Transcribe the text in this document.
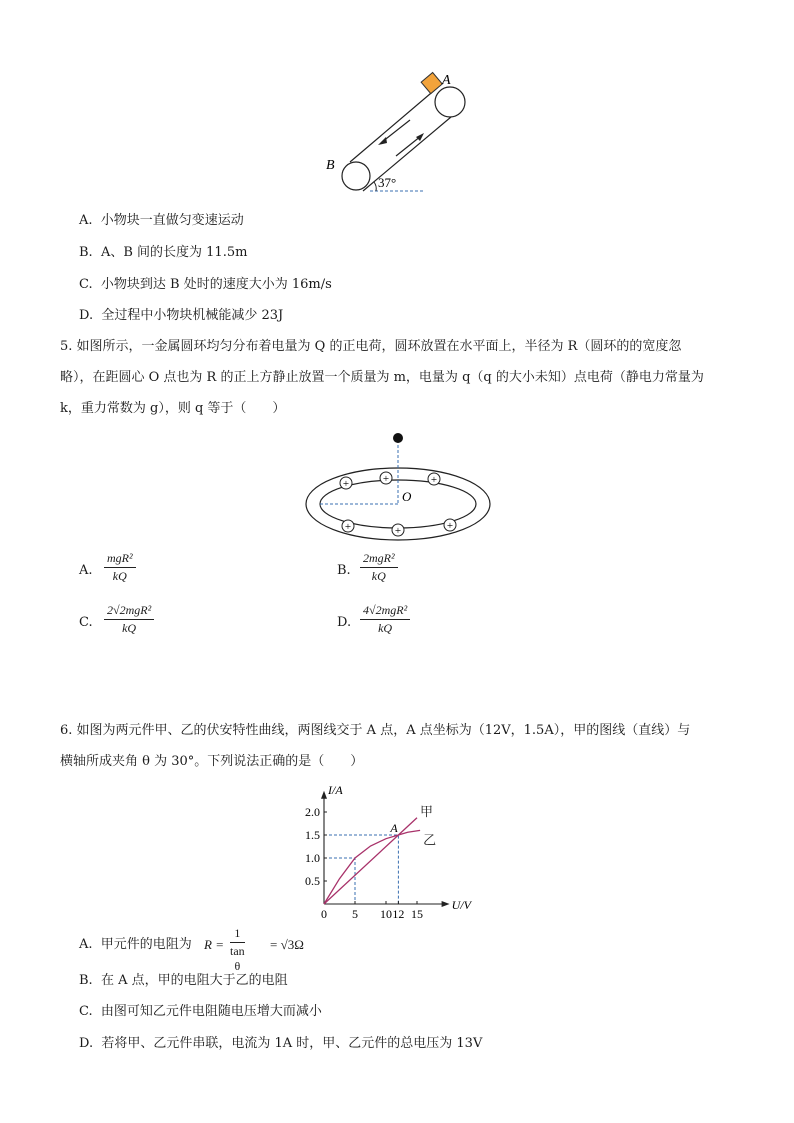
A
B
37°
A. 小物块一直做匀变速运动
B. A、B 间的长度为 11.5m
C. 小物块到达 B 处时的速度大小为 16m/s
D. 全过程中小物块机械能减少 23J
5. 如图所示，一金属圆环均匀分布着电量为 Q 的正电荷，圆环放置在水平面上，半径为 R（圆环的的宽度忽
略），在距圆心 O 点也为 R 的正上方静止放置一个质量为 m，电量为 q（q 的大小未知）点电荷（静电力常量为
k，重力常数为 g），则 q 等于（　　）
O
+	+	+
+	+	+
A.
mgR²
kQ	B.
2mgR²
kQ
C.
2√2mgR²
kQ	D.
4√2mgR²
kQ
6. 如图为两元件甲、乙的伏安特性曲线，两图线交于 A 点，A 点坐标为（12V，1.5A），甲的图线（直线）与
横轴所成夹角 θ 为 30°。下列说法正确的是（　　）
甲
乙
A
0 5 10 12 15
0.5
1.0
1.5
2.0
I/A
U/V
A. 甲元件的电阻为 $R = \frac{1}{\text{tan θ}} = √3\Omega$
B. 在 A 点，甲的电阻大于乙的电阻
C. 由图可知乙元件电阻随电压增大而减小
D. 若将甲、乙元件串联，电流为 1A 时，甲、乙元件的总电压为 13V
